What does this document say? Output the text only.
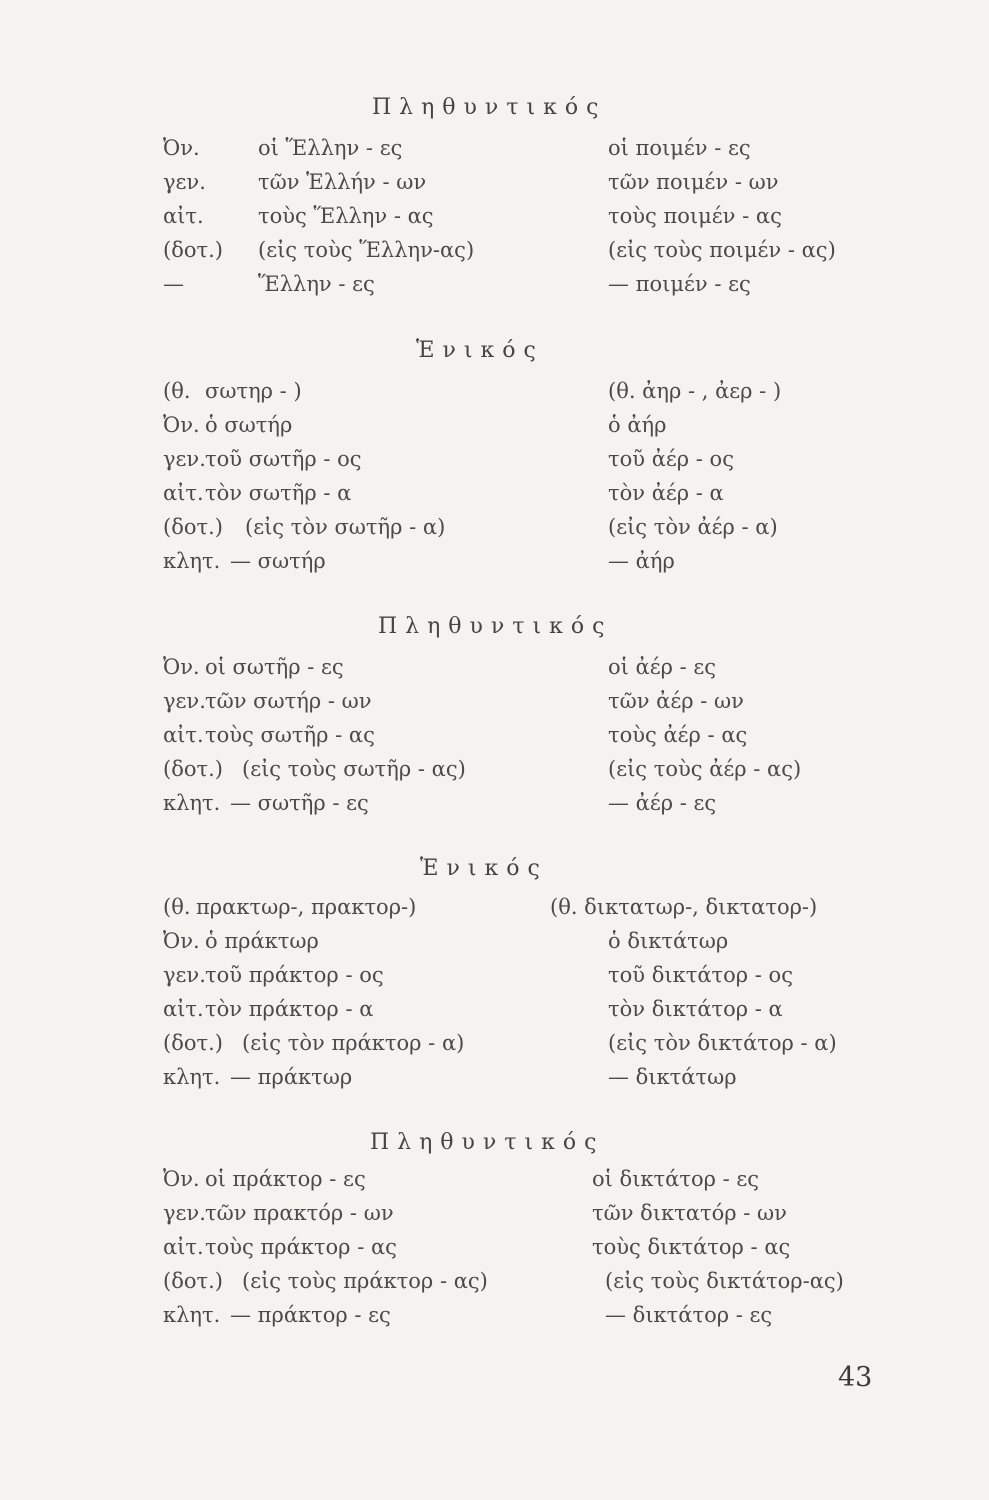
Πληθυντικός
Ὀν.	οἱ Ἕλλην - ες	οἱ ποιμέν - ες
γεν.	τῶν Ἑλλήν - ων	τῶν ποιμέν - ων
αἰτ.	τοὺς Ἕλλην - ας	τοὺς ποιμέν - ας
(δοτ.)	(εἰς τοὺς Ἕλλην-ας)	(εἰς τοὺς ποιμέν - ας)
—	Ἕλλην - ες	— ποιμέν - ες
Ἑνικός
(θ. σωτηρ - )	(θ. ἀηρ - , ἀερ - )
Ὀν. ὁ σωτήρ	ὁ ἀήρ
γεν. τοῦ σωτῆρ - ος	τοῦ ἀέρ - ος
αἰτ. τὸν σωτῆρ - α	τὸν ἀέρ - α
(δοτ.)	(εἰς τὸν σωτῆρ - α)	(εἰς τὸν ἀέρ - α)
κλητ. — σωτήρ	— ἀήρ
Πληθυντικός
Ὀν. οἱ σωτῆρ - ες	οἱ ἀέρ - ες
γεν. τῶν σωτήρ - ων	τῶν ἀέρ - ων
αἰτ. τοὺς σωτῆρ - ας	τοὺς ἀέρ - ας
(δοτ.) (εἰς τοὺς σωτῆρ - ας)	(εἰς τοὺς ἀέρ - ας)
κλητ. — σωτῆρ - ες	— ἀέρ - ες
Ἑνικός
(θ. πρακτωρ-, πρακτορ-)	(θ. δικτατωρ-, δικτατορ-)
Ὀν. ὁ πράκτωρ	ὁ δικτάτωρ
γεν. τοῦ πράκτορ - ος	τοῦ δικτάτορ - ος
αἰτ. τὸν πράκτορ - α	τὸν δικτάτορ - α
(δοτ.) (εἰς τὸν πράκτορ - α)	(εἰς τὸν δικτάτορ - α)
κλητ. — πράκτωρ	— δικτάτωρ
Πληθυντικός
Ὀν. οἱ πράκτορ - ες	οἱ δικτάτορ - ες
γεν. τῶν πρακτόρ - ων	τῶν δικτατόρ - ων
αἰτ. τοὺς πράκτορ - ας	τοὺς δικτάτορ - ας
(δοτ.) (εἰς τοὺς πράκτορ - ας)	(εἰς τοὺς δικτάτορ-ας)
κλητ. — πράκτορ - ες	— δικτάτορ - ες
43
